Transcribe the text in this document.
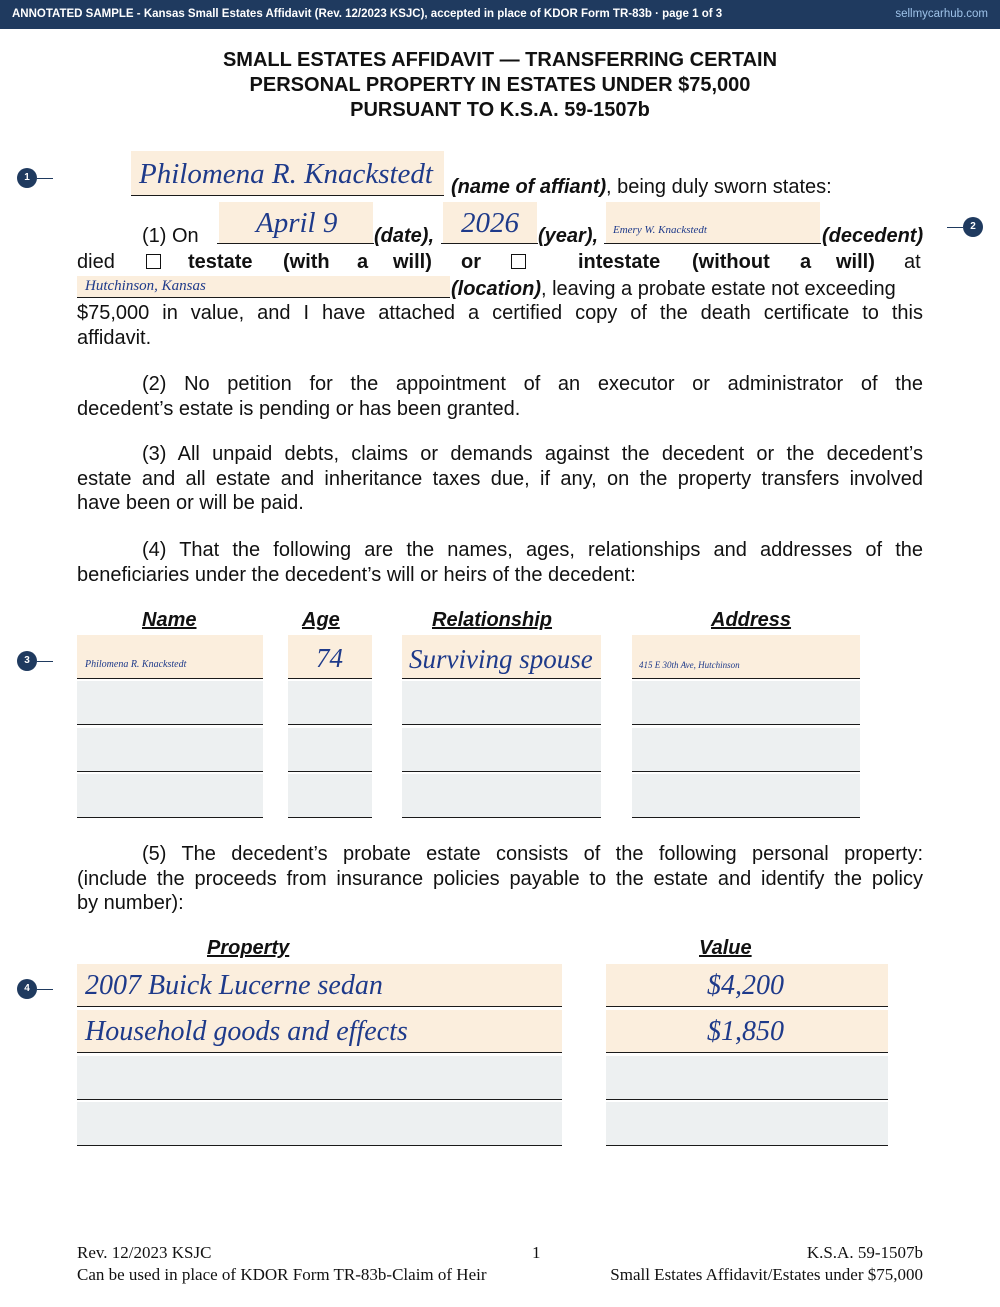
ANNOTATED SAMPLE - Kansas Small Estates Affidavit (Rev. 12/2023 KSJC), accepted in place of KDOR Form TR-83b · page 1 of 3	sellmycarhub.com
SMALL ESTATES AFFIDAVIT — TRANSFERRING CERTAIN
PERSONAL PROPERTY IN ESTATES UNDER $75,000
PURSUANT TO K.S.A. 59-1507b
1
2
3
4
Philomena R. Knackstedt (name of affiant) , being duly sworn states:
(1) On April 9 (date), 2026 (year), Emery W. Knackstedt	(decedent)
died	testate (with a will) or	intestate (without a will) at
Hutchinson, Kansas	(location) , leaving a probate estate not exceeding
$75,000 in value, and I have attached a certified copy of the death certificate to this
affidavit.
(2) No petition for the appointment of an executor or administrator of the
decedent’s estate is pending or has been granted.
(3) All unpaid debts, claims or demands against the decedent or the decedent’s
estate and all estate and inheritance taxes due, if any, on the property transfers involved
have been or will be paid.
(4) That the following are the names, ages, relationships and addresses of the
beneficiaries under the decedent’s will or heirs of the decedent:
Name	Age	Relationship	Address
Philomena R. Knackstedt	74 Surviving spouse	415 E 30th Ave, Hutchinson
(5) The decedent’s probate estate consists of the following personal property:
(include the proceeds from insurance policies payable to the estate and identify the policy
by number):
Property	Value
2007 Buick Lucerne sedan	$4,200
Household goods and effects	$1,850
Rev. 12/2023 KSJC
Can be used in place of KDOR Form TR-83b-Claim of Heir
1	K.S.A. 59-1507b
Small Estates Affidavit/Estates under $75,000
